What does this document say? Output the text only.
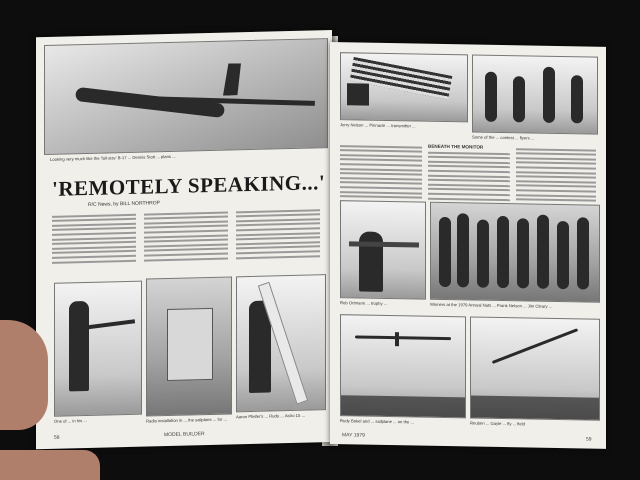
Looking very much like the 'full-size' B-17 ... Dennis Stott ... plans ...
'REMOTELY SPEAKING...'
R/C News, by BILL NORTHROP
One of ... in his ...	Radio installation in ... the sailplane ... for ...
Aaron Pfeifer's ... Rudo ... Astro 15 ...
58	MODEL BUILDER
Jerry Nelson ... Pinnacle ... transmitter ...
Some of the ... contest ... flyers ...
BENEATH THE MONITOR
Rob Ortmann ... trophy ...	Winners at the 1979 Annual Nats ... Frank Nelson ... Jim Cleary ...
Rudy Bokel and ... sailplane ... on the ...	Reuben ... Gayle ... fly ... field
MAY 1979
59
